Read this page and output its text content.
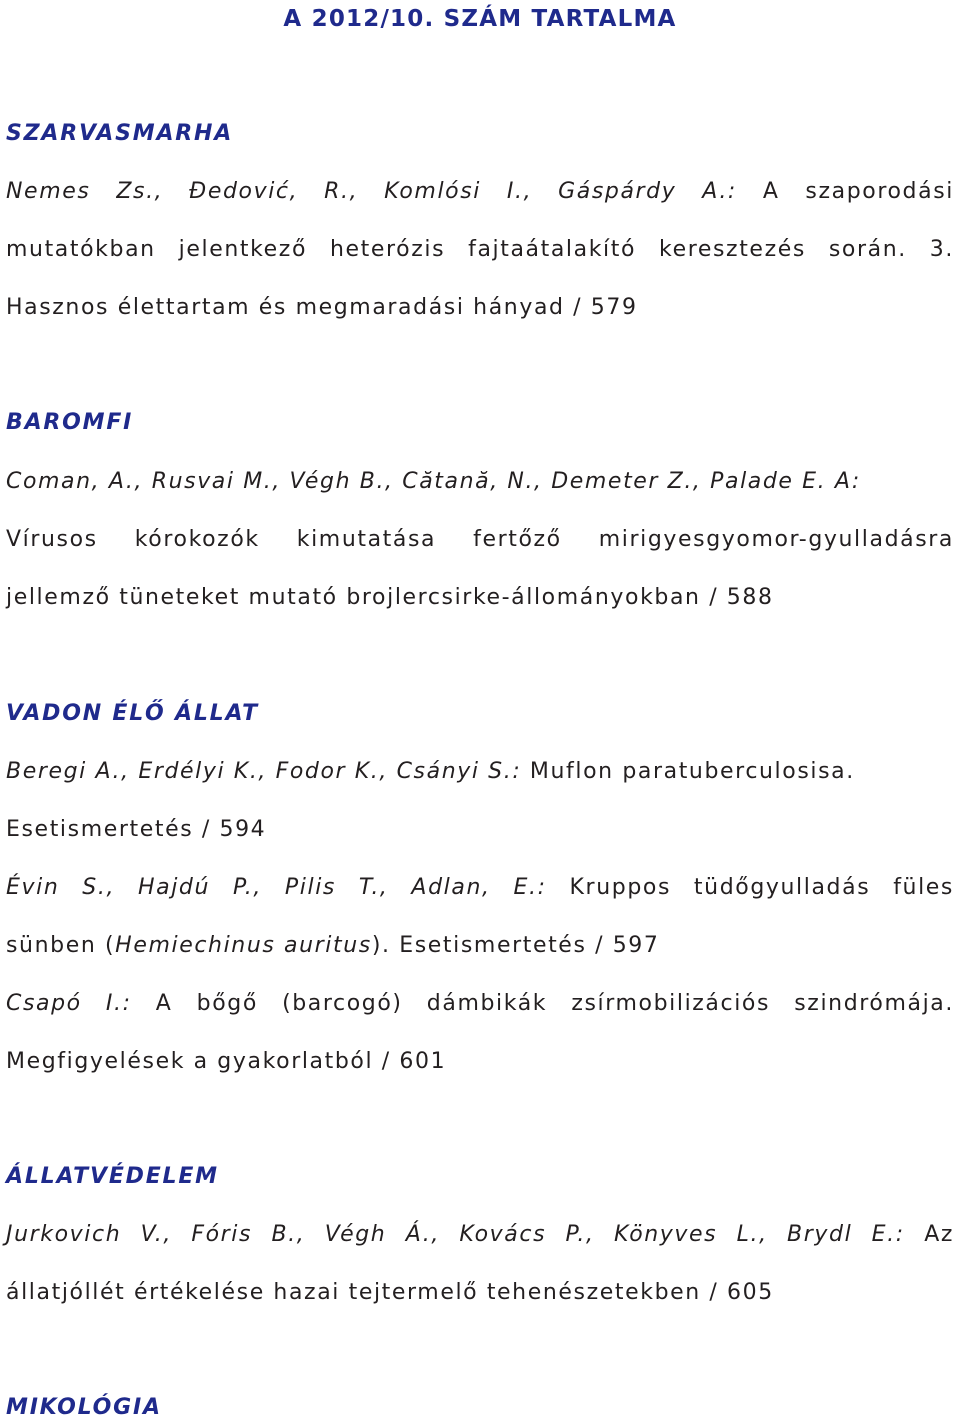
A 2012/10. SZÁM TARTALMA
SZARVASMARHA
Nemes Zs., Đedović, R., Komlósi I., Gáspárdy A.: A szaporodási
mutatókban jelentkező heterózis fajtaátalakító keresztezés során. 3.
Hasznos élettartam és megmaradási hányad / 579
BAROMFI
Coman, A., Rusvai M., Végh B., Cătană, N., Demeter Z., Palade E. A:
Vírusos kórokozók kimutatása fertőző mirigyesgyomor-gyulladásra
jellemző tüneteket mutató brojlercsirke-állományokban / 588
VADON ÉLŐ ÁLLAT
Beregi A., Erdélyi K., Fodor K., Csányi S.: Muflon paratuberculosisa.
Esetismertetés / 594
Évin S., Hajdú P., Pilis T., Adlan, E.: Kruppos tüdőgyulladás füles
sünben (Hemiechinus auritus). Esetismertetés / 597
Csapó I.: A bőgő (barcogó) dámbikák zsírmobilizációs szindrómája.
Megfigyelések a gyakorlatból / 601
ÁLLATVÉDELEM
Jurkovich V., Fóris B., Végh Á., Kovács P., Könyves L., Brydl E.: Az
állatjóllét értékelése hazai tejtermelő tehenészetekben / 605
MIKOLÓGIA
